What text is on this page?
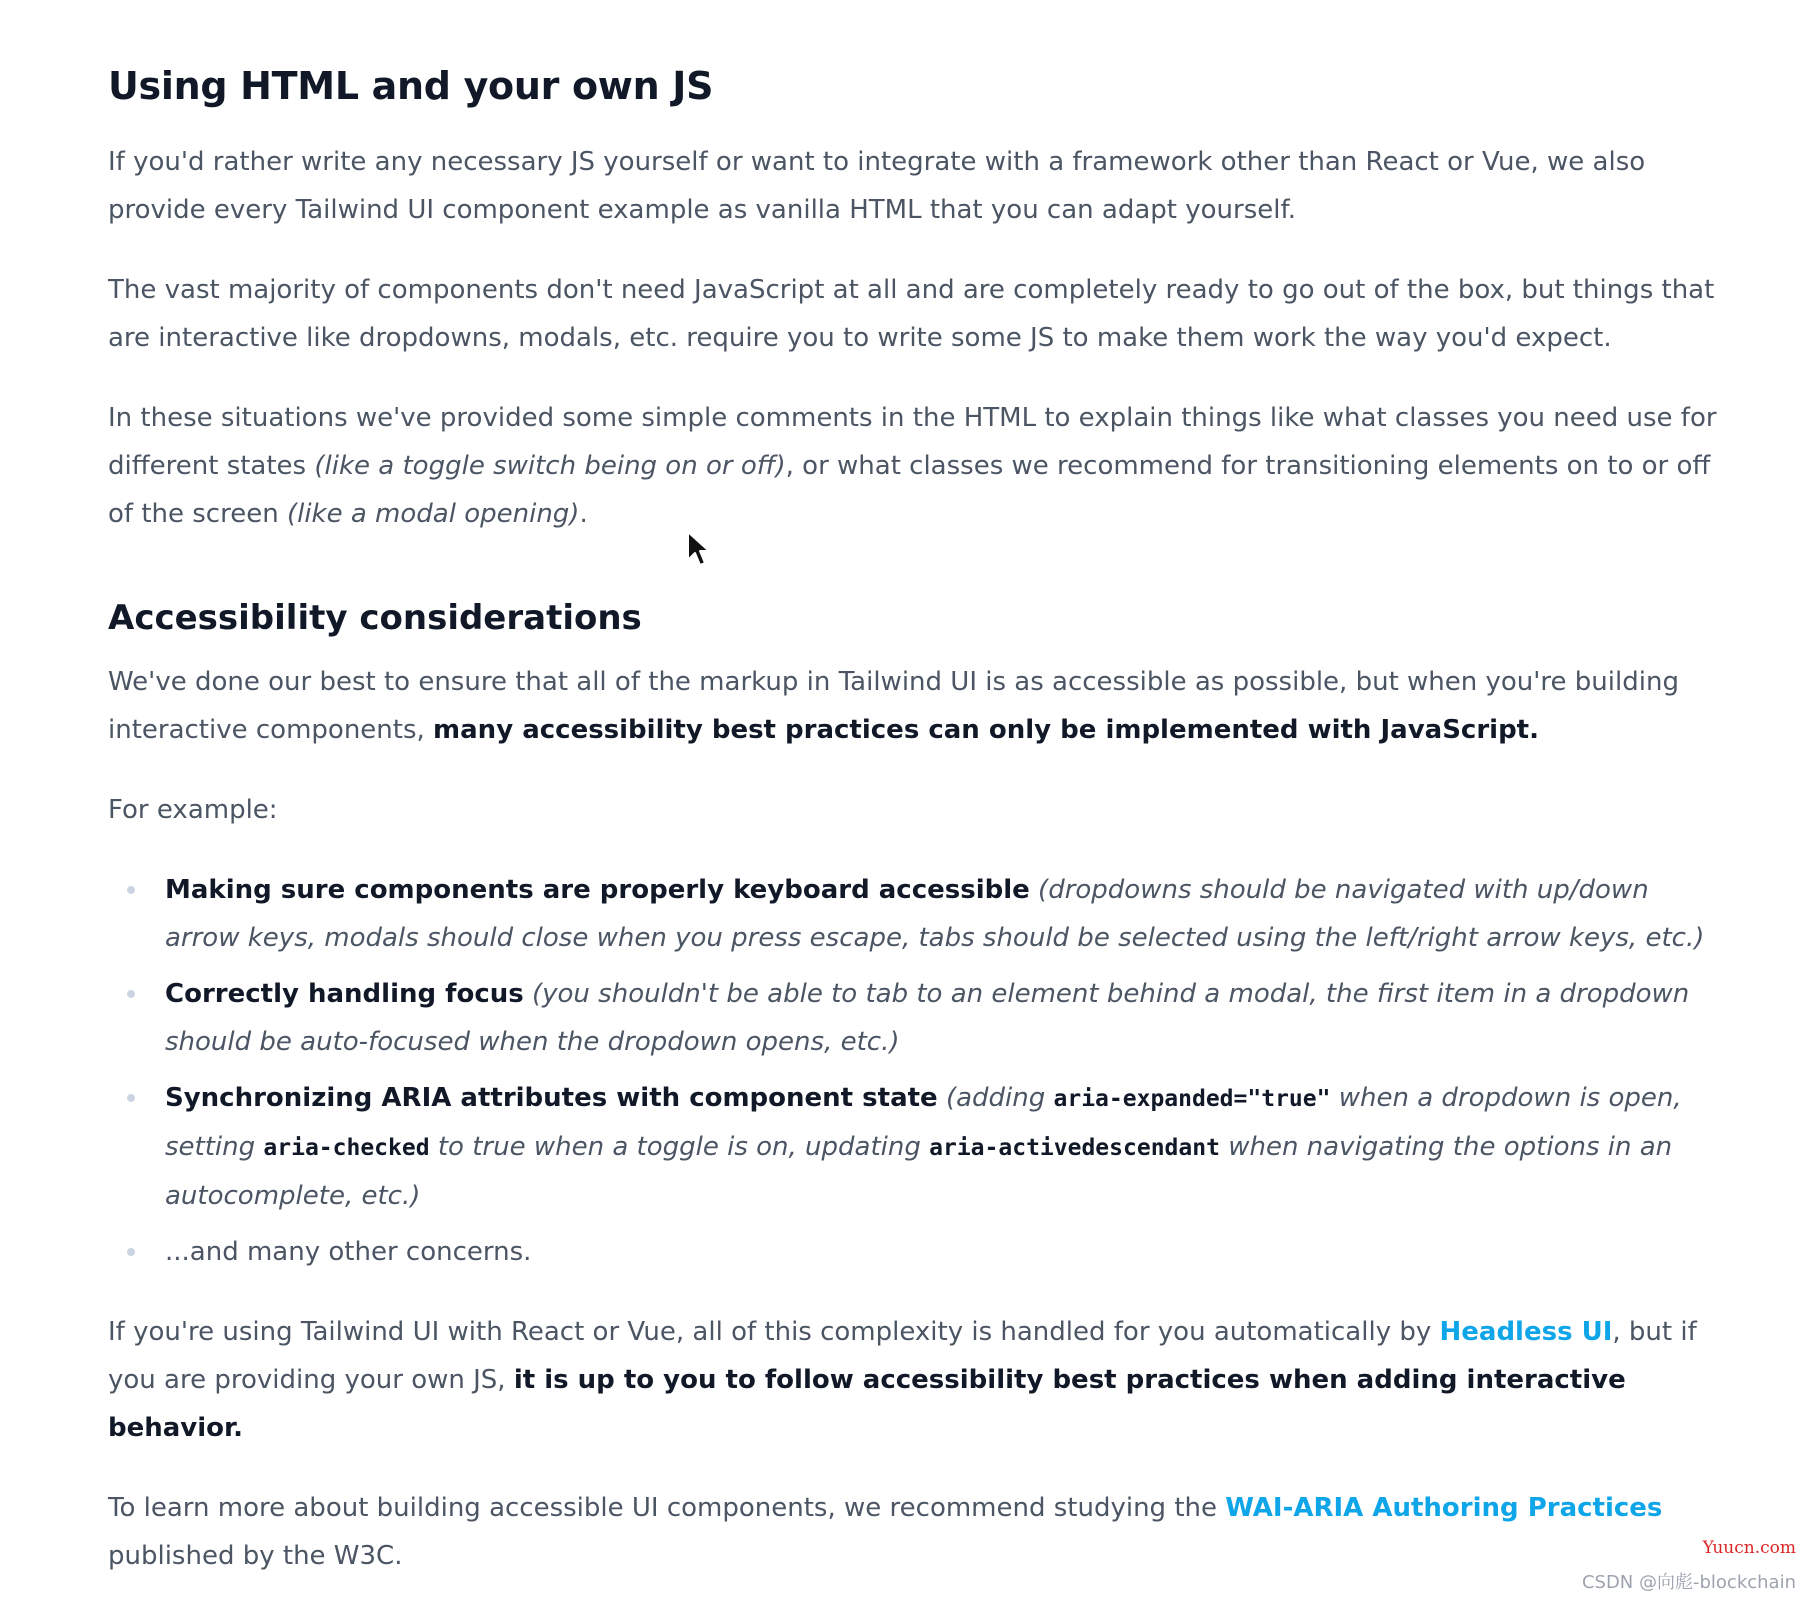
Using HTML and your own JS

If you'd rather write any necessary JS yourself or want to integrate with a framework other than React or Vue, we also provide every Tailwind UI component example as vanilla HTML that you can adapt yourself.

The vast majority of components don't need JavaScript at all and are completely ready to go out of the box, but things that are interactive like dropdowns, modals, etc. require you to write some JS to make them work the way you'd expect.

In these situations we've provided some simple comments in the HTML to explain things like what classes you need use for different states (like a toggle switch being on or off), or what classes we recommend for transitioning elements on to or off of the screen (like a modal opening).

Accessibility considerations

We've done our best to ensure that all of the markup in Tailwind UI is as accessible as possible, but when you're building interactive components, many accessibility best practices can only be implemented with JavaScript.

For example:

Making sure components are properly keyboard accessible (dropdowns should be navigated with up/down arrow keys, modals should close when you press escape, tabs should be selected using the left/right arrow keys, etc.)
Correctly handling focus (you shouldn't be able to tab to an element behind a modal, the first item in a dropdown should be auto-focused when the dropdown opens, etc.)
Synchronizing ARIA attributes with component state (adding aria-expanded="true" when a dropdown is open, setting aria-checked to true when a toggle is on, updating aria-activedescendant when navigating the options in an autocomplete, etc.)
...and many other concerns.

If you're using Tailwind UI with React or Vue, all of this complexity is handled for you automatically by Headless UI, but if you are providing your own JS, it is up to you to follow accessibility best practices when adding interactive behavior.

To learn more about building accessible UI components, we recommend studying the WAI-ARIA Authoring Practices published by the W3C.	Yuucn.com
CSDN @向彪-blockchain
